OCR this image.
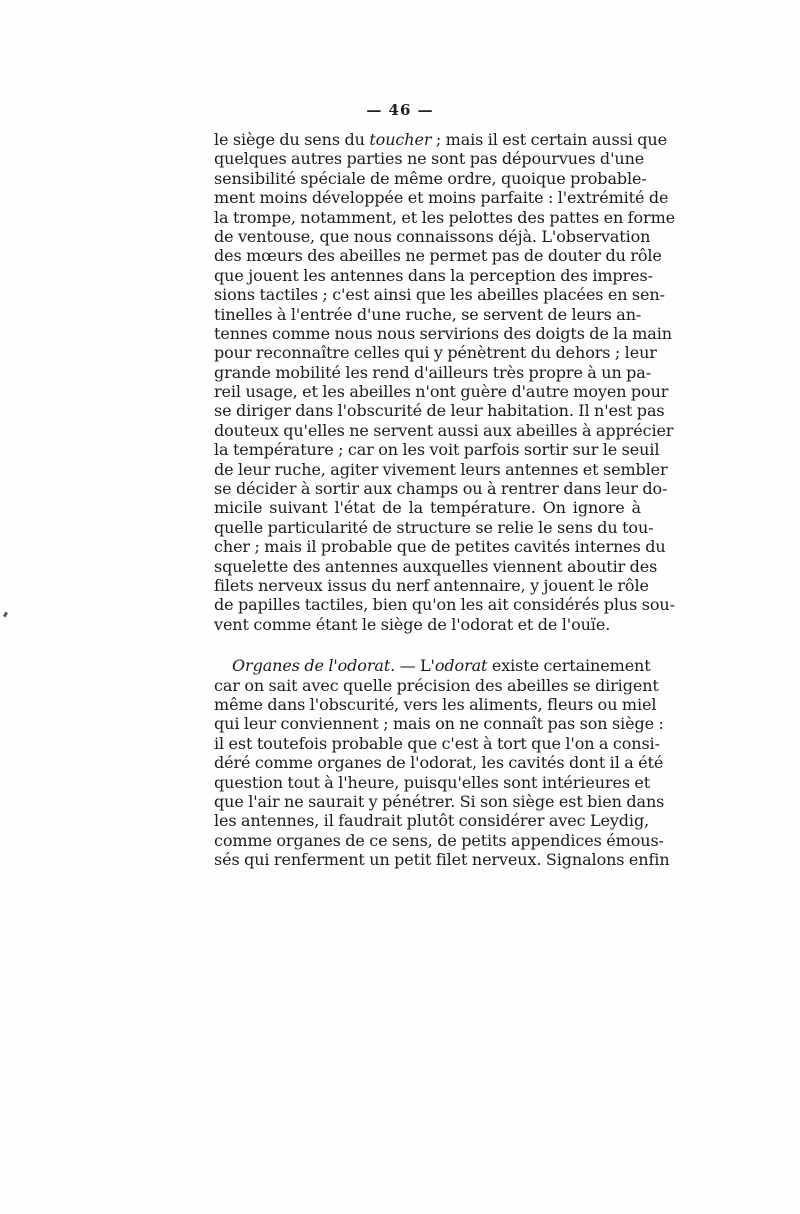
— 46 —
le siège du sens du toucher ; mais il est certain aussi que
quelques autres parties ne sont pas dépourvues d'une
sensibilité spéciale de même ordre, quoique probable-
ment moins développée et moins parfaite : l'extrémité de
la trompe, notamment, et les pelottes des pattes en forme
de ventouse, que nous connaissons déjà. L'observation
des mœurs des abeilles ne permet pas de douter du rôle
que jouent les antennes dans la perception des impres-
sions tactiles ; c'est ainsi que les abeilles placées en sen-
tinelles à l'entrée d'une ruche, se servent de leurs an-
tennes comme nous nous servirions des doigts de la main
pour reconnaître celles qui y pénètrent du dehors ; leur
grande mobilité les rend d'ailleurs très propre à un pa-
reil usage, et les abeilles n'ont guère d'autre moyen pour
se diriger dans l'obscurité de leur habitation. Il n'est pas
douteux qu'elles ne servent aussi aux abeilles à apprécier
la température ; car on les voit parfois sortir sur le seuil
de leur ruche, agiter vivement leurs antennes et sembler
se décider à sortir aux champs ou à rentrer dans leur do-
micile suivant l'état de la température. On ignore à
quelle particularité de structure se relie le sens du tou-
cher ; mais il probable que de petites cavités internes du
squelette des antennes auxquelles viennent aboutir des
filets nerveux issus du nerf antennaire, y jouent le rôle
de papilles tactiles, bien qu'on les ait considérés plus sou-
vent comme étant le siège de l'odorat et de l'ouïe.
Organes de l'odorat. — L'odorat existe certainement
car on sait avec quelle précision des abeilles se dirigent
même dans l'obscurité, vers les aliments, fleurs ou miel
qui leur conviennent ; mais on ne connaît pas son siège :
il est toutefois probable que c'est à tort que l'on a consi-
déré comme organes de l'odorat, les cavités dont il a été
question tout à l'heure, puisqu'elles sont intérieures et
que l'air ne saurait y pénétrer. Si son siège est bien dans
les antennes, il faudrait plutôt considérer avec Leydig,
comme organes de ce sens, de petits appendices émous-
sés qui renferment un petit filet nerveux. Signalons enfin
